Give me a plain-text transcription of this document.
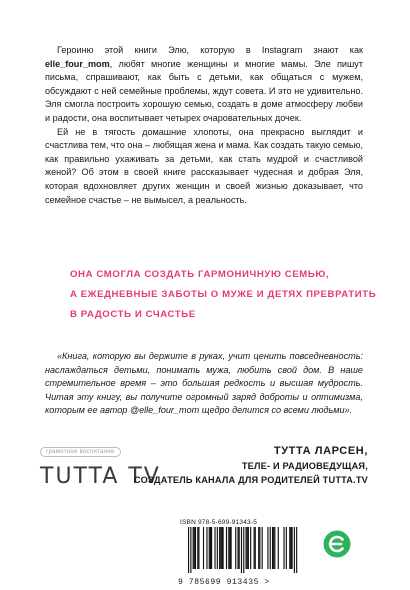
Героиню этой книги Элю, которую в Instagram знают как elle_four_mom, любят многие женщины и многие мамы. Эле пишут письма, спрашивают, как быть с детьми, как общаться с мужем, обсуждают с ней семейные проблемы, ждут совета. И это не удивительно. Эля смогла построить хорошую семью, создать в доме атмосферу любви и радости, она воспитывает четырех очаровательных дочек.

Ей не в тягость домашние хлопоты, она прекрасно выглядит и счастлива тем, что она – любящая жена и мама. Как создать такую семью, как правильно ухаживать за детьми, как стать мудрой и счастливой женой? Об этом в своей книге рассказывает чудесная и добрая Эля, которая вдохновляет других женщин и своей жизнью доказывает, что семейное счастье – не вымысел, а реальность.

ОНА СМОГЛА СОЗДАТЬ ГАРМОНИЧНУЮ СЕМЬЮ,
А ЕЖЕДНЕВНЫЕ ЗАБОТЫ О МУЖЕ И ДЕТЯХ ПРЕВРАТИТЬ
В РАДОСТЬ И СЧАСТЬЕ

«Книга, которую вы держите в руках, учит ценить повседневность: наслаждаться детьми, понимать мужа, любить свой дом. В наше стремительное время – это большая редкость и высшая мудрость. Читая эту книгу, вы получите огромный заряд доброты и оптимизма, которым ее автор @elle_four_mom щедро делится со всеми людьми».

грамотное воспитание
TUTTA TV
ТУТТА ЛАРСЕН,
ТЕЛЕ- И РАДИОВЕДУЩАЯ,
СОЗДАТЕЛЬ КАНАЛА ДЛЯ РОДИТЕЛЕЙ TUTTA.TV
ISBN 978-5-699-91343-5
9 785699 913435 >
